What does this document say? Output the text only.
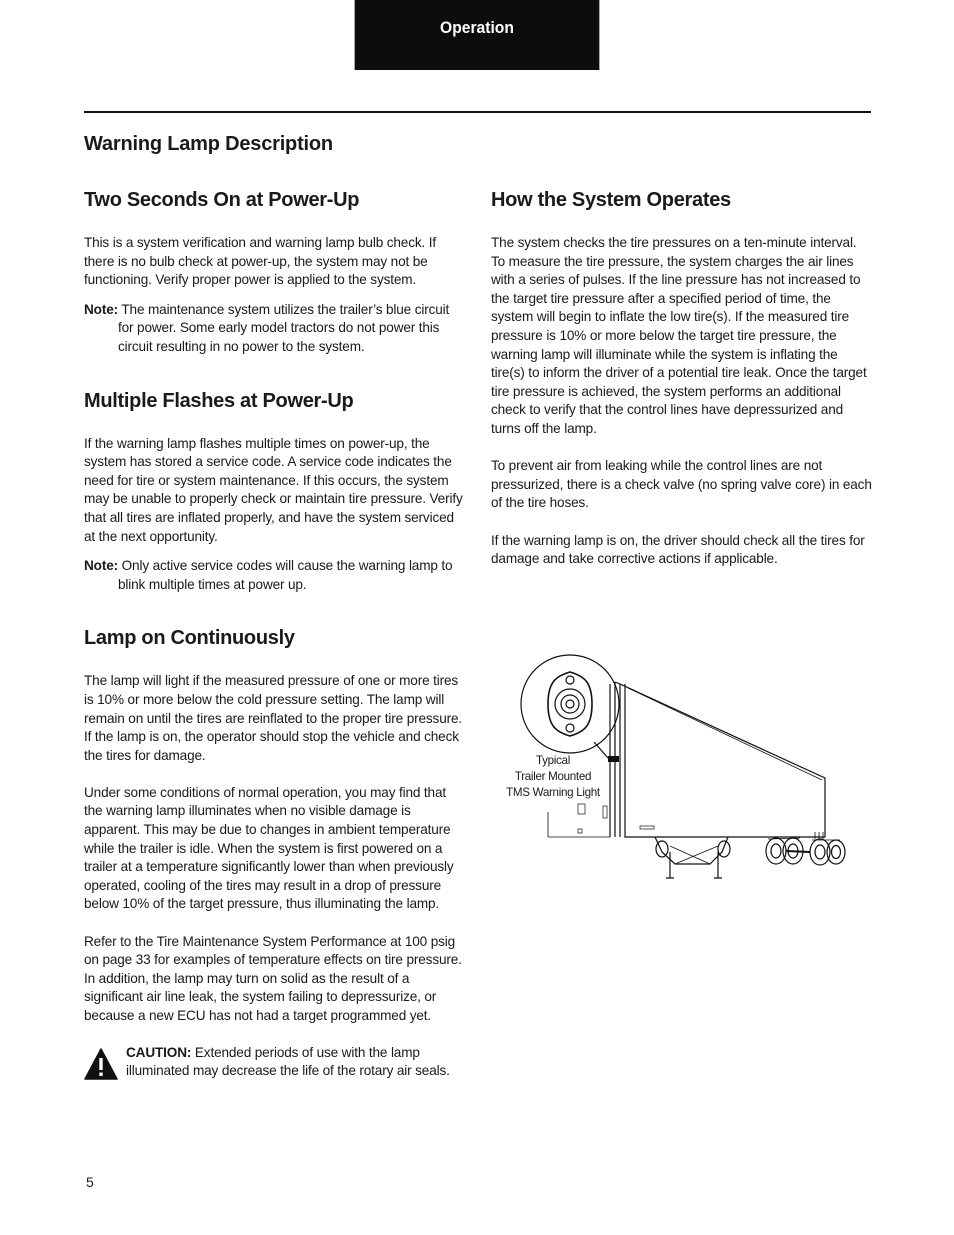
Operation
Warning Lamp Description
Two Seconds On at Power-Up

This is a system verification and warning lamp bulb check. If there is no bulb check at power-up, the system may not be functioning. Verify proper power is applied to the system.

Note: The maintenance system utilizes the trailer’s blue circuit for power. Some early model tractors do not power this circuit resulting in no power to the system.

Multiple Flashes at Power-Up

If the warning lamp flashes multiple times on power-up, the system has stored a service code. A service code indicates the need for tire or system maintenance. If this occurs, the system may be unable to properly check or maintain tire pressure. Verify that all tires are inflated properly, and have the system serviced at the next opportunity.

Note: Only active service codes will cause the warning lamp to blink multiple times at power up.

Lamp on Continuously

The lamp will light if the measured pressure of one or more tires is 10% or more below the cold pressure setting. The lamp will remain on until the tires are reinflated to the proper tire pressure. If the lamp is on, the operator should stop the vehicle and check the tires for damage.

Under some conditions of normal operation, you may find that the warning lamp illuminates when no visible damage is apparent. This may be due to changes in ambient temperature while the trailer is idle. When the system is first powered on a trailer at a temperature significantly lower than when previously operated, cooling of the tires may result in a drop of pressure below 10% of the target pressure, thus illuminating the lamp.

Refer to the Tire Maintenance System Performance at 100 psig on page 33 for examples of temperature effects on tire pressure. In addition, the lamp may turn on solid as the result of a significant air line leak, the system failing to depressurize, or because a new ECU has not had a target programmed yet.

CAUTION: Extended periods of use with the lamp illuminated may decrease the life of the rotary air seals.

How the System Operates

The system checks the tire pressures on a ten-minute interval. To measure the tire pressure, the system charges the air lines with a series of pulses. If the line pressure has not increased to the target tire pressure after a specified period of time, the system will begin to inflate the low tire(s). If the measured tire pressure is 10% or more below the target tire pressure, the warning lamp will illuminate while the system is inflating the tire(s) to inform the driver of a potential tire leak. Once the target tire pressure is achieved, the system performs an additional check to verify that the control lines have depressurized and turns off the lamp.

To prevent air from leaking while the control lines are not pressurized, there is a check valve (no spring valve core) in each of the tire hoses.

If the warning lamp is on, the driver should check all the tires for damage and take corrective actions if applicable.

Typical
Trailer Mounted
TMS Warning Light
5
